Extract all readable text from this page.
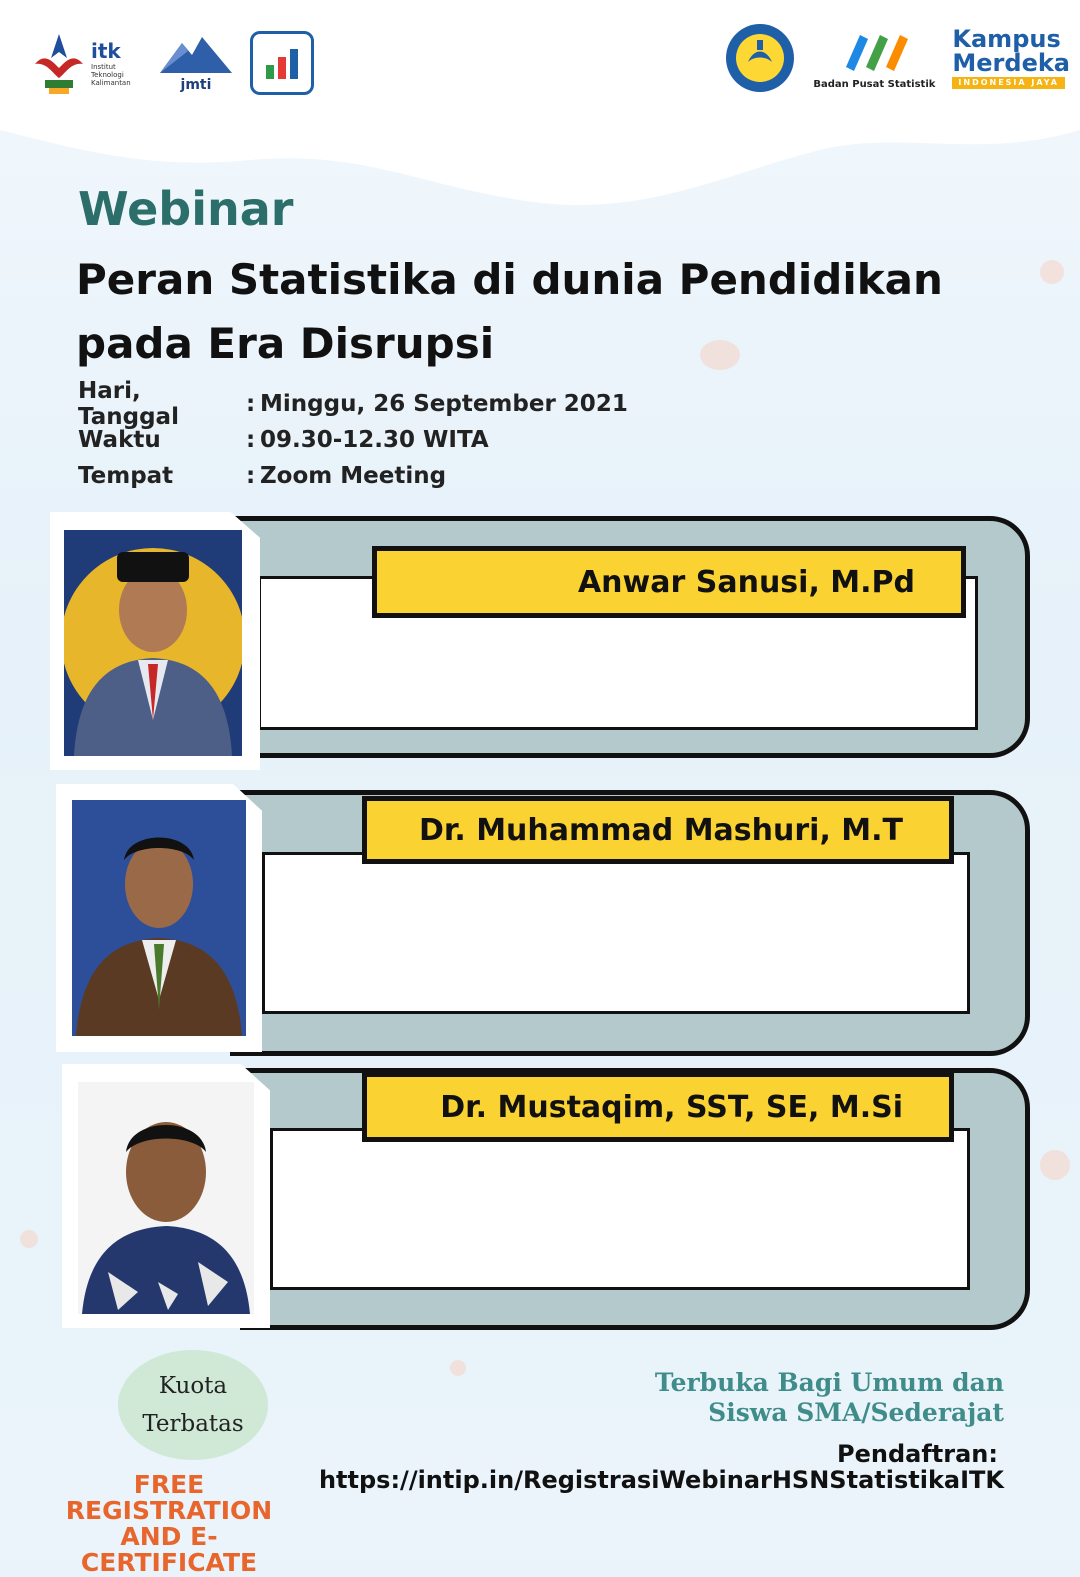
itk
Institut Teknologi Kalimantan	jmti	Badan Pusat Statistik
Kampus
Merdeka
INDONESIA JAYA
Webinar
Peran Statistika di dunia Pendidikan
pada Era Disrupsi
Hari, Tanggal	: Minggu, 26 September 2021
Waktu	: 09.30-12.30 WITA
Tempat	: Zoom Meeting
Anwar Sanusi, M.Pd
Dr. Muhammad Mashuri, M.T
Dr. Mustaqim, SST, SE, M.Si
Kuota
Terbatas
FREE REGISTRATION
AND E-CERTIFICATE
Terbuka Bagi Umum dan
Siswa SMA/Sederajat
Pendaftran:
https://intip.in/RegistrasiWebinarHSNStatistikaITK
